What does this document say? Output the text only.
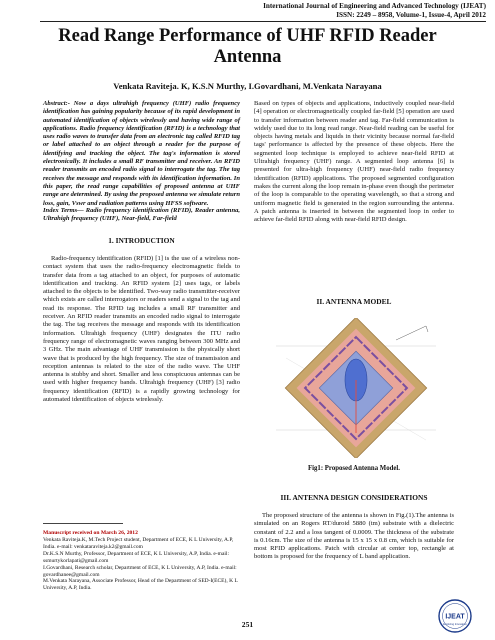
International Journal of Engineering and Advanced Technology (IJEAT)
ISSN: 2249 – 8958, Volume-1, Issue-4, April 2012
Read Range Performance of UHF RFID Reader
Antenna
Venkata Raviteja. K, K.S.N Murthy, I.Govardhani, M.Venkata Narayana

Abstract:- Now a days ultrahigh frequency (UHF) radio frequency identification has gaining popularity because of its rapid development in automated identification of objects wirelessly and having wide range of applications. Radio frequency identification (RFID) is a technology that uses radio waves to transfer data from an electronic tag called RFID tag or label attached to an object through a reader for the purpose of identifying and tracking the object. The tag's information is stored electronically. It includes a small RF transmitter and receiver. An RFID reader transmits an encoded radio signal to interrogate the tag. The tag receives the message and responds with its identification information. In this paper, the read range capabilities of proposed antenna at UHF range are determined. By using the proposed antenna we simulate return loss, gain, Vswr and radiation patterns using HFSS software.

Index Terms— Radio frequency identification (RFID), Reader antenna, Ultrahigh frequency (UHF), Near-field, Far-field

1. INTRODUCTION

Radio-frequency identification (RFID) [1] is the use of a wireless non-contact system that uses the radio-frequency electromagnetic fields to transfer data from a tag attached to an object, for purposes of automatic identification and tracking. An RFID system [2] uses tags, or labels attached to the objects to be identified. Two-way radio transmitter-receiver which exists are called interrogators or readers send a signal to the tag and read its response. The RFID tag includes a small RF transmitter and receiver. An RFID reader transmits an encoded radio signal to interrogate the tag. The tag receives the message and responds with its identification information. Ultrahigh frequency (UHF) designates the ITU radio frequency range of electromagnetic waves ranging between 300 MHz and 3 GHz. The main advantage of UHF transmission is the physically short wave that is produced by the high frequency. The size of transmission and reception antennas is related to the size of the radio wave. The UHF antenna is stubby and short. Smaller and less conspicuous antennas can be used with higher frequency bands. Ultrahigh frequency (UHF) [3] radio frequency identification (RFID) is a rapidly growing technology for automated identification of objects wirelessly.

Manuscript received on March 26, 2012

Venkata Raviteja.K, M.Tech Project student, Department of ECE, K L University, A.P, India. e-mail: venkataraviteja.k2@gmail.com

Dr.K.S.N Murthy, Professor, Department of ECE, K L University, A.P, India. e-mail: ssmurtykorlapati@gmail.com

I.Govardhani, Research scholar, Department of ECE, K L University, A.P, India. e-mail: govardhanee@gmail.com

M.Venkata Narayana, Associate Professor, Head of the Department of SED-I(ECE), K L University, A.P, India.

Based on types of objects and applications, inductively coupled near-field [4] operation or electromagnetically coupled far-field [5] operation are used to transfer information between reader and tag. Far-field communication is widely used due to its long read range. Near-field reading can be useful for objects having metals and liquids in their vicinity because normal far-field tags' performance is affected by the presence of these objects. Here the segmented loop technique is employed to achieve near-field RFID at Ultrahigh frequency (UHF) range. A segmented loop antenna [6] is presented for ultra-high frequency (UHF) near-field radio frequency identification (RFID) applications. The proposed segmented configuration makes the current along the loop remain in-phase even though the perimeter of the loop is comparable to the operating wavelength, so that a strong and uniform magnetic field is generated in the region surrounding the antenna. A patch antenna is inserted in between the segmented loop in order to achieve far-field RFID along with near-field RFID design.

II. ANTENNA MODEL
Fig1: Proposed Antenna Model.
III. ANTENNA DESIGN CONSIDERATIONS

The proposed structure of the antenna is shown in Fig.(1).The antenna is simulated on an Rogers RT/duroid 5880 (tm) substrate with a dielectric constant of 2.2 and a loss tangent of 0.0009. The thickness of the substrate is 0.16cm. The size of the antenna is 15 x 15 x 0.8 cm, which is suitable for most RFID applications. Patch with circular at center top, rectangle at bottom is proposed for the frequency of L band application.

251
IJEAT
Exploring Innovation
